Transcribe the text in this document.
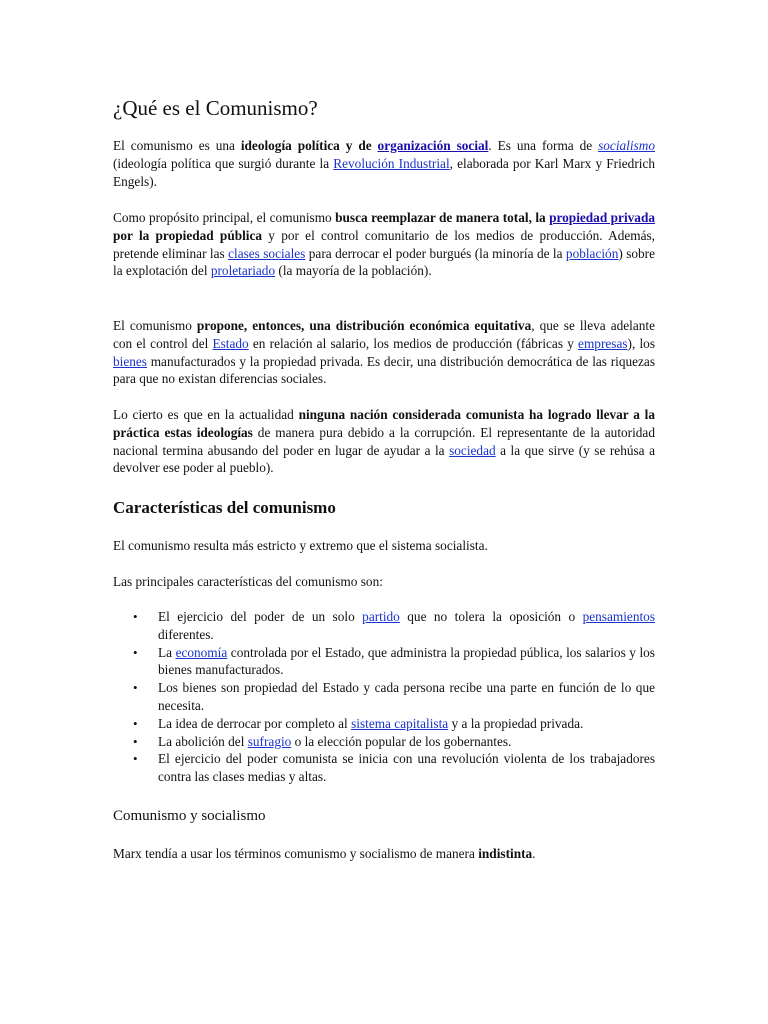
¿Qué es el Comunismo?

El comunismo es una ideología política y de organización social. Es una forma de socialismo (ideología política que surgió durante la Revolución Industrial, elaborada por Karl Marx y Friedrich Engels).

Como propósito principal, el comunismo busca reemplazar de manera total, la propiedad privada por la propiedad pública y por el control comunitario de los medios de producción. Además, pretende eliminar las clases sociales para derrocar el poder burgués (la minoría de la población) sobre la explotación del proletariado (la mayoría de la población).

El comunismo propone, entonces, una distribución económica equitativa, que se lleva adelante con el control del Estado en relación al salario, los medios de producción (fábricas y empresas), los bienes manufacturados y la propiedad privada. Es decir, una distribución democrática de las riquezas para que no existan diferencias sociales.

Lo cierto es que en la actualidad ninguna nación considerada comunista ha logrado llevar a la práctica estas ideologías de manera pura debido a la corrupción. El representante de la autoridad nacional termina abusando del poder en lugar de ayudar a la sociedad a la que sirve (y se rehúsa a devolver ese poder al pueblo).

Características del comunismo

El comunismo resulta más estricto y extremo que el sistema socialista.

Las principales características del comunismo son:

• El ejercicio del poder de un solo partido que no tolera la oposición o pensamientos diferentes.
• La economía controlada por el Estado, que administra la propiedad pública, los salarios y los bienes manufacturados.
• Los bienes son propiedad del Estado y cada persona recibe una parte en función de lo que necesita.
• La idea de derrocar por completo al sistema capitalista y a la propiedad privada.
• La abolición del sufragio o la elección popular de los gobernantes.
• El ejercicio del poder comunista se inicia con una revolución violenta de los trabajadores contra las clases medias y altas.
Comunismo y socialismo

Marx tendía a usar los términos comunismo y socialismo de manera indistinta.
